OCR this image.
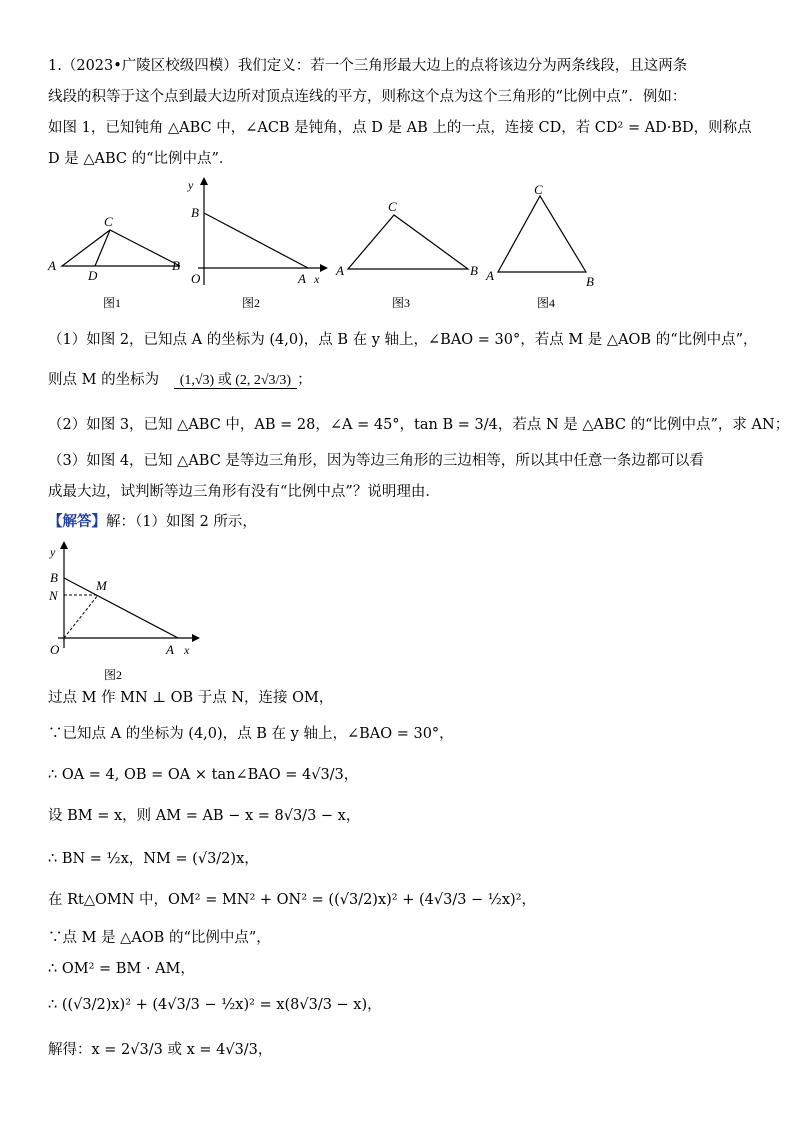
1.（2023•广陵区校级四模）我们定义：若一个三角形最大边上的点将该边分为两条线段，且这两条
线段的积等于这个点到最大边所对顶点连线的平方，则称这个点为这个三角形的“比例中点”．例如：
如图 1，已知钝角 △ABC 中，∠ACB 是钝角，点 D 是 AB 上的一点，连接 CD，若 CD² = AD·BD，则称点
D 是 △ABC 的“比例中点”．
A	B
C
D
图1
y
B
O	A x
图2
A	B
C
图3
A	B
C
图4
（1）如图 2，已知点 A 的坐标为 (4,0)，点 B 在 y 轴上，∠BAO = 30°，若点 M 是 △AOB 的“比例中点”，
则点 M 的坐标为 (1,√3) 或 (2, 2√3/3) ；
（2）如图 3，已知 △ABC 中，AB = 28，∠A = 45°，tan B = 3/4，若点 N 是 △ABC 的“比例中点”，求 AN；
（3）如图 4，已知 △ABC 是等边三角形，因为等边三角形的三边相等，所以其中任意一条边都可以看
成最大边，试判断等边三角形有没有“比例中点”？说明理由．
【解答】解：（1）如图 2 所示，
y
B
M
N
O	A x
图2
过点 M 作 MN ⊥ OB 于点 N，连接 OM，
∵已知点 A 的坐标为 (4,0)，点 B 在 y 轴上，∠BAO = 30°，
∴ OA = 4, OB = OA × tan∠BAO = 4√3/3，
设 BM = x，则 AM = AB − x = 8√3/3 − x，
∴ BN = ½x，NM = (√3/2)x，
在 Rt△OMN 中，OM² = MN² + ON² = ((√3/2)x)² + (4√3/3 − ½x)²，
∵点 M 是 △AOB 的“比例中点”，
∴ OM² = BM · AM，
∴ ((√3/2)x)² + (4√3/3 − ½x)² = x(8√3/3 − x)，
解得：x = 2√3/3 或 x = 4√3/3，
